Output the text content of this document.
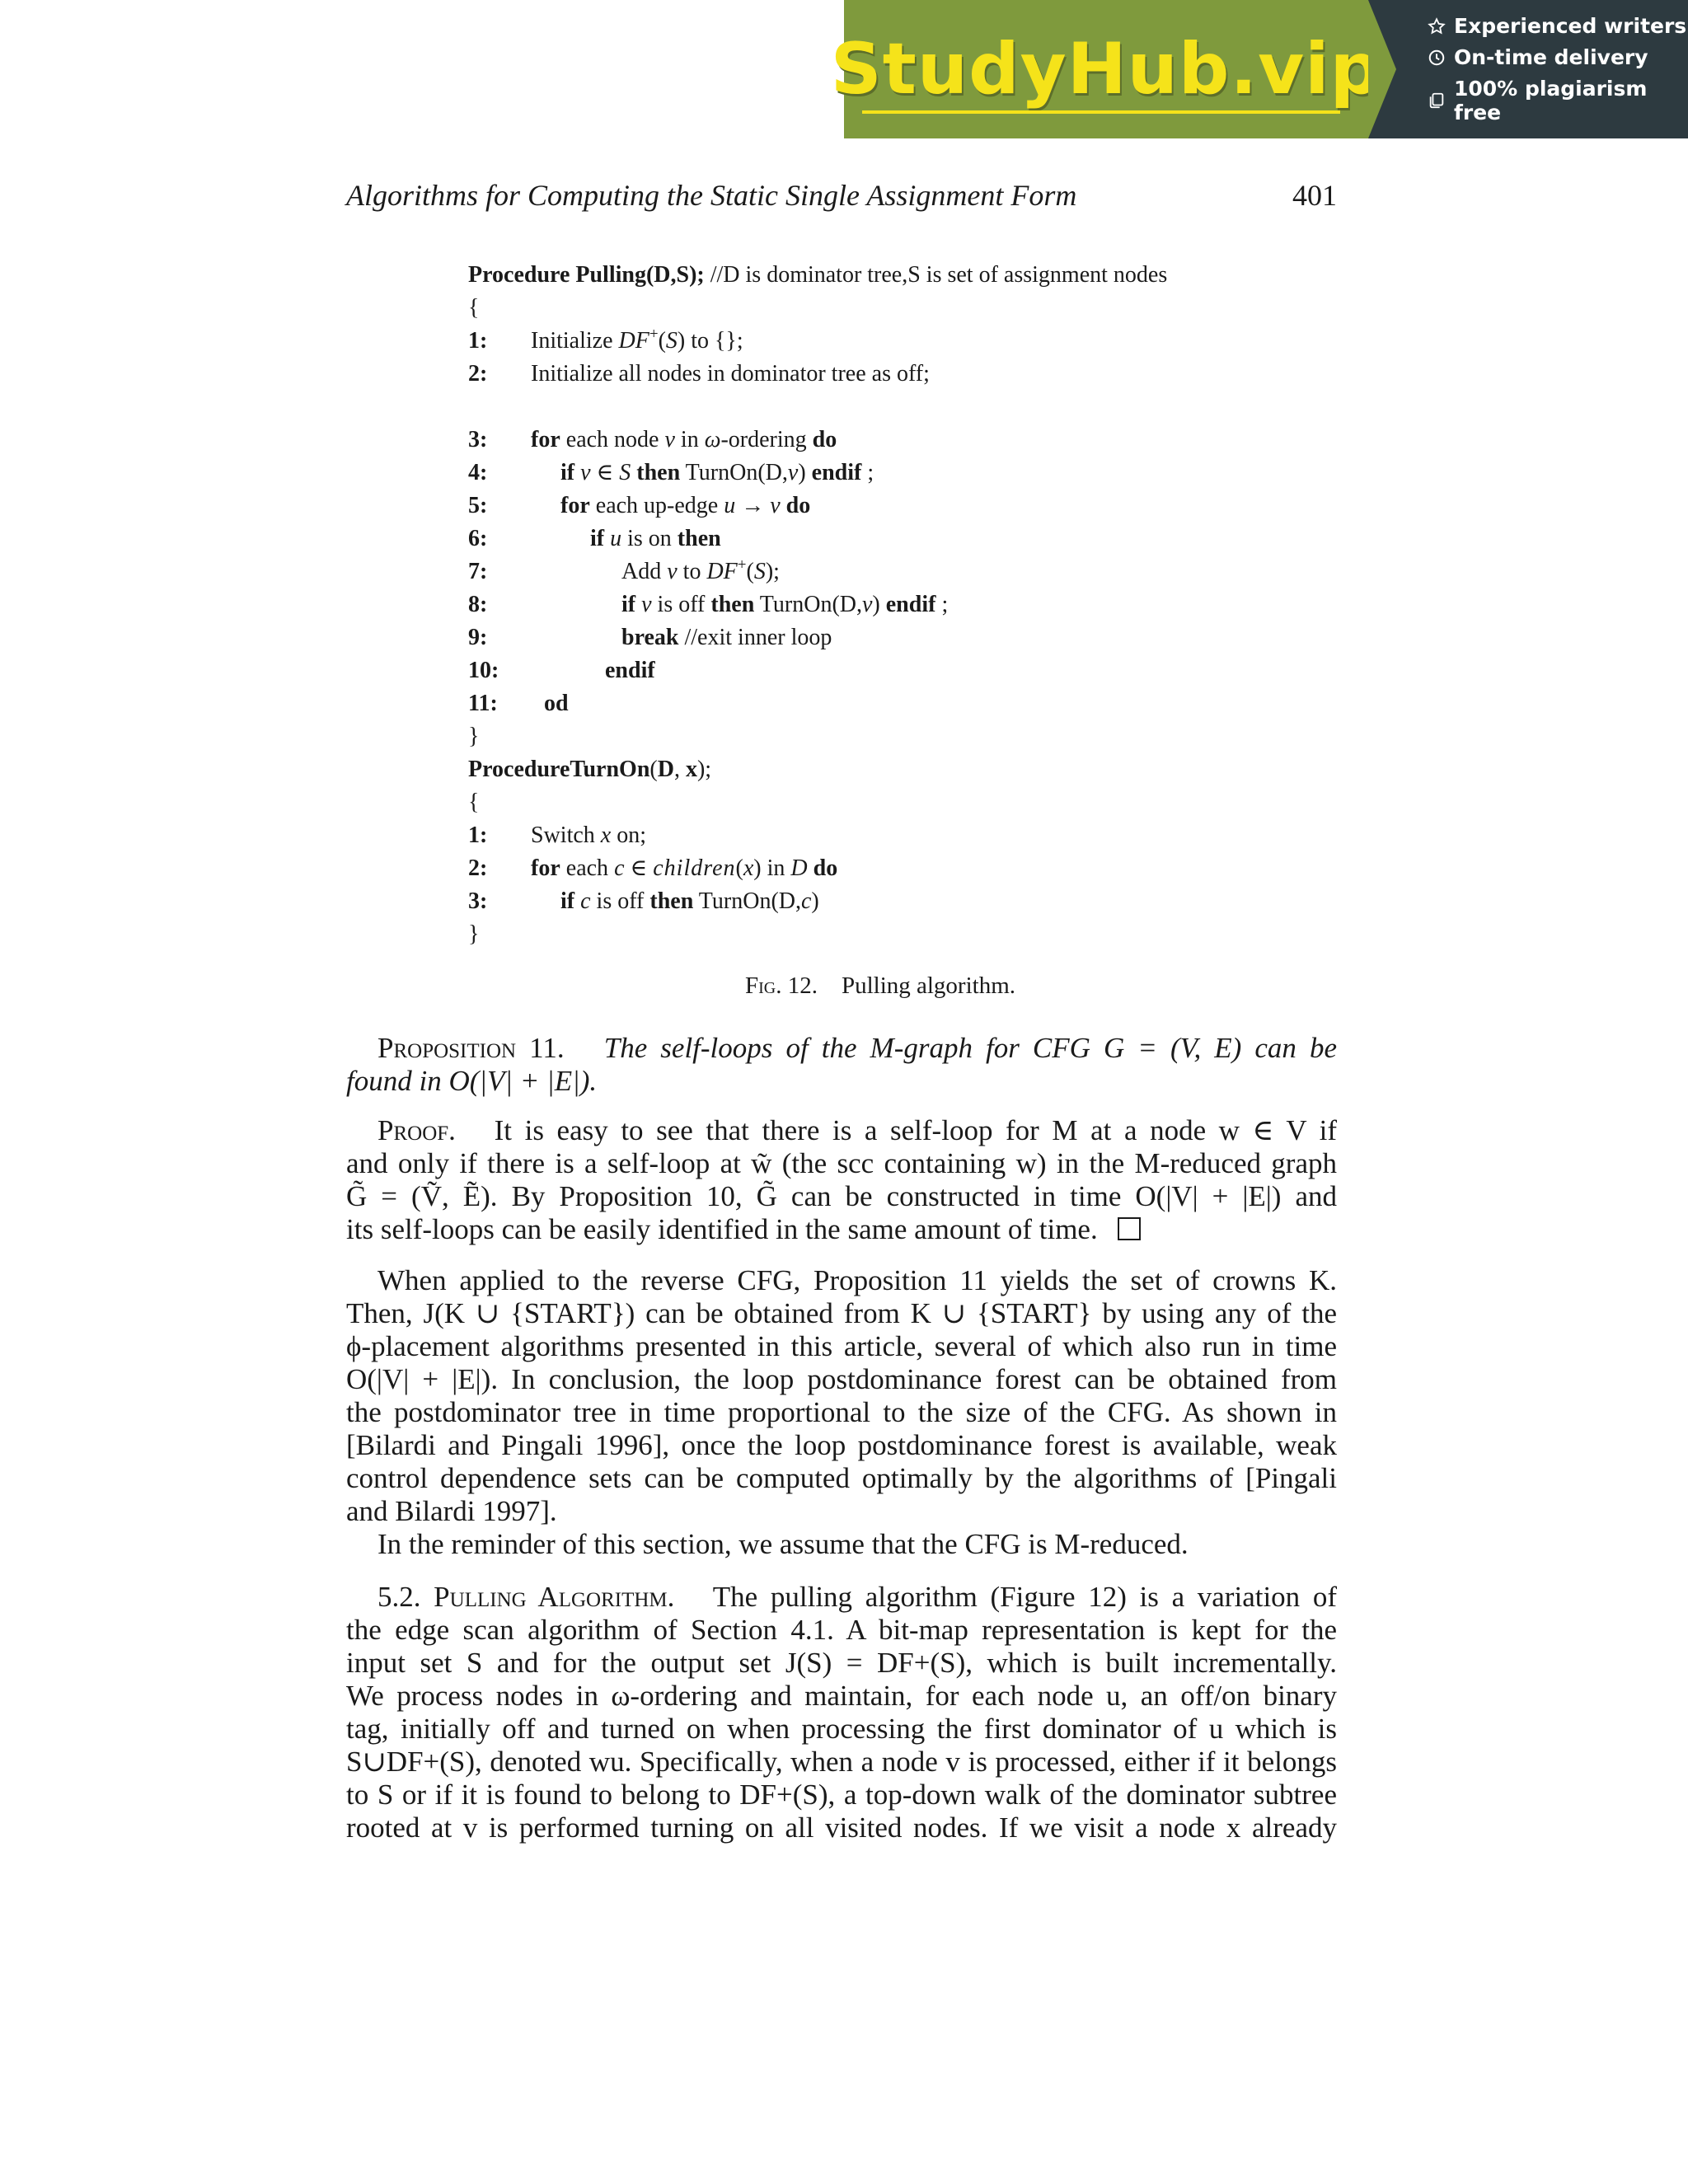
StudyHub.vip
Experienced writers
On-time delivery
100% plagiarism free
Algorithms for Computing the Static Single Assignment Form	401
Procedure Pulling(D,S); //D is dominator tree,S is set of assignment nodes
{
1: Initialize DF+(S) to {};
2: Initialize all nodes in dominator tree as off;
3: for each node v in ω-ordering do
4:	if v ∈ S then TurnOn(D,v) endif ;
5:	for each up-edge u → v do
6:	if u is on then
7:	Add v to DF+(S);
8:	if v is off then TurnOn(D,v) endif ;
9:	break //exit inner loop
10:	endif
11: od
}
ProcedureTurnOn(D, x);
{
1: Switch x on;
2: for each c ∈ children(x) in D do
3:	if c is off then TurnOn(D,c)
}
Fig. 12. Pulling algorithm.
Proposition 11. The self-loops of the M-graph for CFG G = (V, E) can be
found in O(|V| + |E|).
Proof. It is easy to see that there is a self-loop for M at a node w ∈ V if
and only if there is a self-loop at w̃ (the scc containing w) in the M-reduced graph
G̃ = (Ṽ, Ẽ). By Proposition 10, G̃ can be constructed in time O(|V| + |E|) and
its self-loops can be easily identified in the same amount of time.
When applied to the reverse CFG, Proposition 11 yields the set of crowns K.
Then, J(K ∪ {START}) can be obtained from K ∪ {START} by using any of the
ϕ-placement algorithms presented in this article, several of which also run in time
O(|V| + |E|). In conclusion, the loop postdominance forest can be obtained from
the postdominator tree in time proportional to the size of the CFG. As shown in
[Bilardi and Pingali 1996], once the loop postdominance forest is available, weak
control dependence sets can be computed optimally by the algorithms of [Pingali
and Bilardi 1997].
In the reminder of this section, we assume that the CFG is M-reduced.
5.2. Pulling Algorithm. The pulling algorithm (Figure 12) is a variation of
the edge scan algorithm of Section 4.1. A bit-map representation is kept for the
input set S and for the output set J(S) = DF+(S), which is built incrementally.
We process nodes in ω-ordering and maintain, for each node u, an off/on binary
tag, initially off and turned on when processing the first dominator of u which is
S∪DF+(S), denoted wu. Specifically, when a node v is processed, either if it belongs
to S or if it is found to belong to DF+(S), a top-down walk of the dominator subtree
rooted at v is performed turning on all visited nodes. If we visit a node x already
